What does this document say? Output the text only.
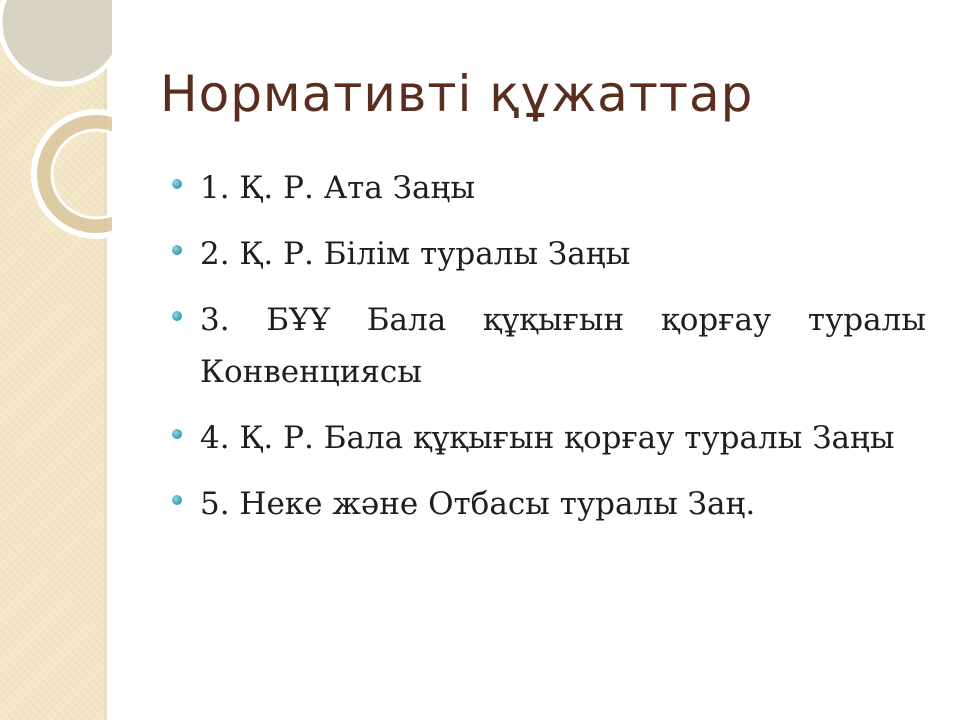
Нормативті құжаттар
1. Қ. Р. Ата Заңы
2. Қ. Р. Білім туралы Заңы
3. БҰҰ Бала құқығын қорғау туралы Конвенциясы
4. Қ. Р. Бала құқығын қорғау туралы Заңы
5. Неке және Отбасы туралы Заң.
